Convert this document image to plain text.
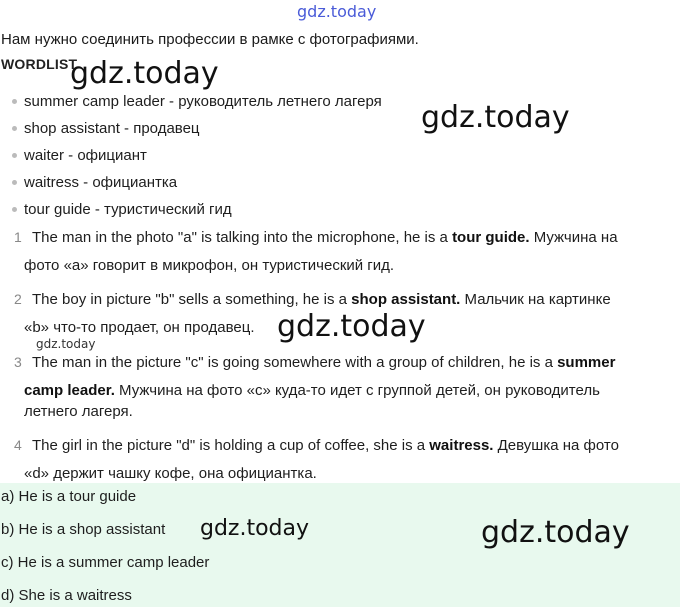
gdz.today
Нам нужно соединить профессии в рамке с фотографиями.
WORDLIST
gdz.today
summer camp leader - руководитель летнего лагеря
shop assistant - продавец
waiter - официант
waitress - официантка
tour guide - туристический гид
gdz.today
1 The man in the photo "a" is talking into the microphone, he is a tour guide. Мужчина на
фото «a» говорит в микрофон, он туристический гид.
2 The boy in picture "b" sells a something, he is a shop assistant. Мальчик на картинке
«b» что-то продает, он продавец. gdz.today
gdz.today
3 The man in the picture "c" is going somewhere with a group of children, he is a summer
camp leader. Мужчина на фото «c» куда-то идет с группой детей, он руководитель
летнего лагеря.
4 The girl in the picture "d" is holding a cup of coffee, she is a waitress. Девушка на фото
«d» держит чашку кофе, она официантка.
a) He is a tour guide
b) He is a shop assistant
c) He is a summer camp leader
d) She is a waitress
gdz.today	gdz.today
